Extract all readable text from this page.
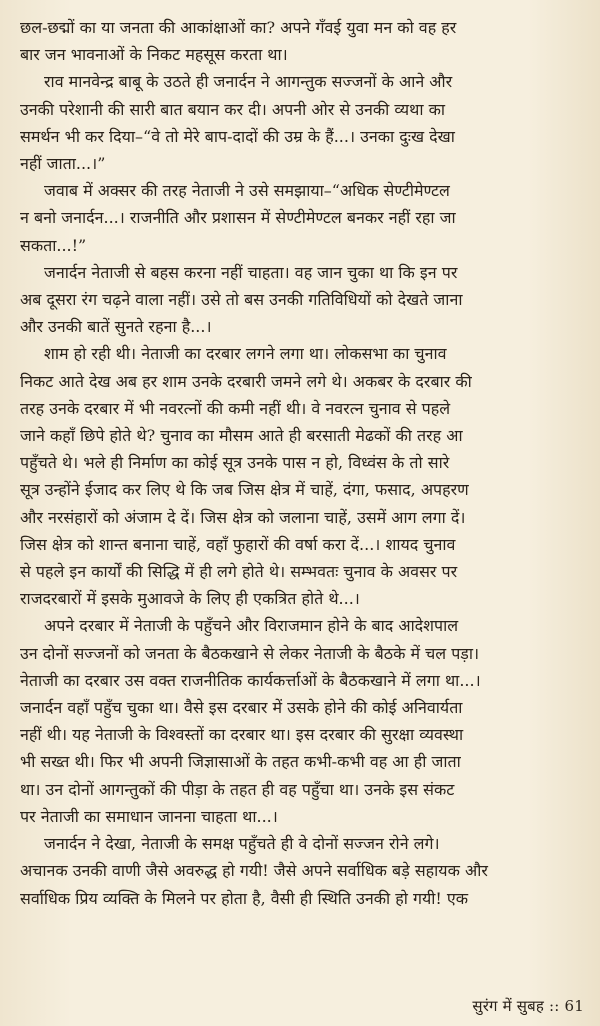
छल-छद्मों का या जनता की आकांक्षाओं का? अपने गँवई युवा मन को वह हर
बार जन भावनाओं के निकट महसूस करता था।

राव मानवेन्द्र बाबू के उठते ही जनार्दन ने आगन्तुक सज्जनों के आने और
उनकी परेशानी की सारी बात बयान कर दी। अपनी ओर से उनकी व्यथा का
समर्थन भी कर दिया–“वे तो मेरे बाप-दादों की उम्र के हैं...। उनका दुःख देखा
नहीं जाता...।”

जवाब में अक्सर की तरह नेताजी ने उसे समझाया–“अधिक सेण्टीमेण्टल
न बनो जनार्दन...। राजनीति और प्रशासन में सेण्टीमेण्टल बनकर नहीं रहा जा
सकता...!”

जनार्दन नेताजी से बहस करना नहीं चाहता। वह जान चुका था कि इन पर
अब दूसरा रंग चढ़ने वाला नहीं। उसे तो बस उनकी गतिविधियों को देखते जाना
और उनकी बातें सुनते रहना है...।

शाम हो रही थी। नेताजी का दरबार लगने लगा था। लोकसभा का चुनाव
निकट आते देख अब हर शाम उनके दरबारी जमने लगे थे। अकबर के दरबार की
तरह उनके दरबार में भी नवरत्नों की कमी नहीं थी। वे नवरत्न चुनाव से पहले
जाने कहाँ छिपे होते थे? चुनाव का मौसम आते ही बरसाती मेढकों की तरह आ
पहुँचते थे। भले ही निर्माण का कोई सूत्र उनके पास न हो, विध्वंस के तो सारे
सूत्र उन्होंने ईजाद कर लिए थे कि जब जिस क्षेत्र में चाहें, दंगा, फसाद, अपहरण
और नरसंहारों को अंजाम दे दें। जिस क्षेत्र को जलाना चाहें, उसमें आग लगा दें।
जिस क्षेत्र को शान्त बनाना चाहें, वहाँ फुहारों की वर्षा करा दें...। शायद चुनाव
से पहले इन कार्यों की सिद्धि में ही लगे होते थे। सम्भवतः चुनाव के अवसर पर
राजदरबारों में इसके मुआवजे के लिए ही एकत्रित होते थे...।

अपने दरबार में नेताजी के पहुँचने और विराजमान होने के बाद आदेशपाल
उन दोनों सज्जनों को जनता के बैठकखाने से लेकर नेताजी के बैठके में चल पड़ा।
नेताजी का दरबार उस वक्त राजनीतिक कार्यकर्त्ताओं के बैठकखाने में लगा था...।
जनार्दन वहाँ पहुँच चुका था। वैसे इस दरबार में उसके होने की कोई अनिवार्यता
नहीं थी। यह नेताजी के विश्वस्तों का दरबार था। इस दरबार की सुरक्षा व्यवस्था
भी सख्त थी। फिर भी अपनी जिज्ञासाओं के तहत कभी-कभी वह आ ही जाता
था। उन दोनों आगन्तुकों की पीड़ा के तहत ही वह पहुँचा था। उनके इस संकट
पर नेताजी का समाधान जानना चाहता था...।

जनार्दन ने देखा, नेताजी के समक्ष पहुँचते ही वे दोनों सज्जन रोने लगे।
अचानक उनकी वाणी जैसे अवरुद्ध हो गयी! जैसे अपने सर्वाधिक बड़े सहायक और
सर्वाधिक प्रिय व्यक्ति के मिलने पर होता है, वैसी ही स्थिति उनकी हो गयी! एक

सुरंग में सुबह :: 61
